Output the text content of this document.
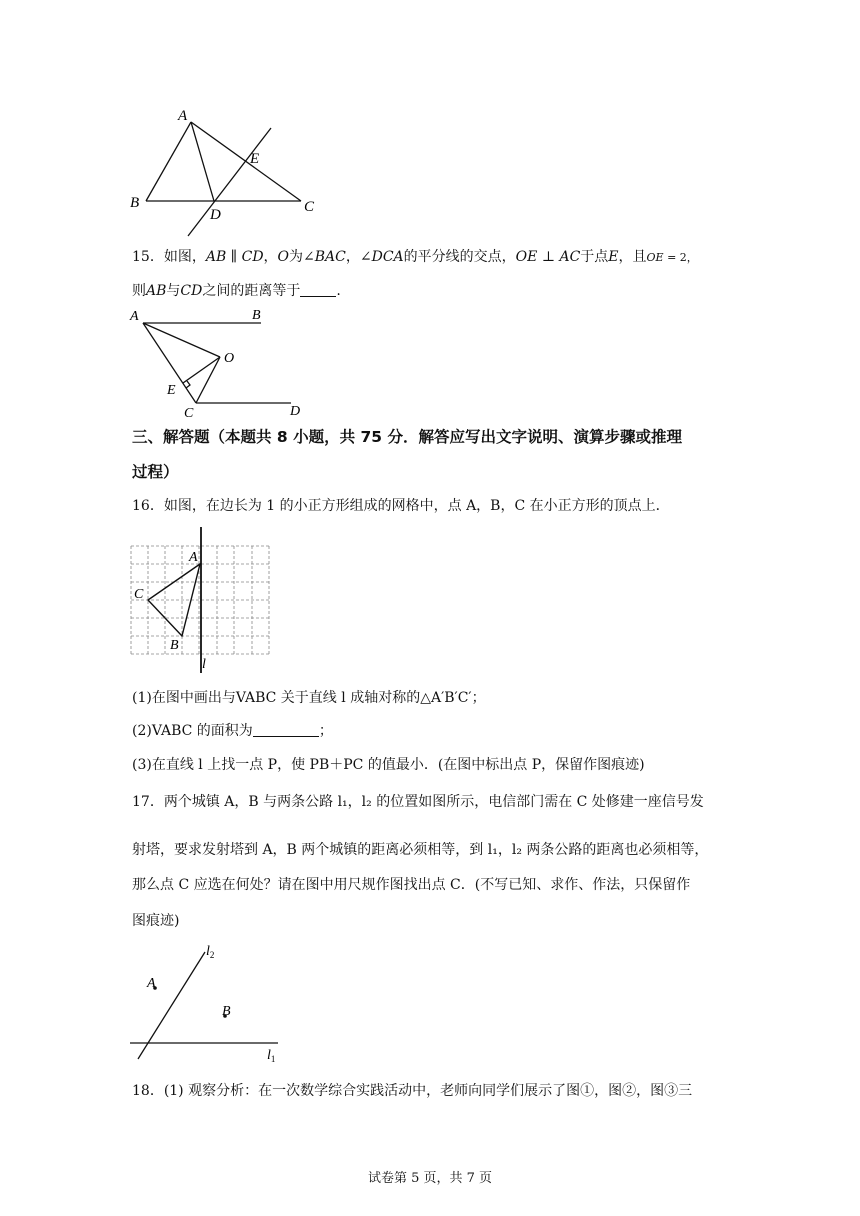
A
B	C
D
E
15．如图，AB ∥ CD，O为∠BAC，∠DCA的平分线的交点，OE ⊥ AC于点E，且OE = 2，
则AB与CD之间的距离等于	.
A	B
O
E
C	D
三、解答题（本题共 8 小题，共 75 分．解答应写出文字说明、演算步骤或推理
过程）
16．如图，在边长为 1 的小正方形组成的网格中，点 A，B，C 在小正方形的顶点上．
A
C
B
l
(1)在图中画出与VABC 关于直线 l 成轴对称的△A′B′C′；
(2)VABC 的面积为	；
(3)在直线 l 上找一点 P，使 PB＋PC 的值最小．(在图中标出点 P，保留作图痕迹)
17．两个城镇 A，B 与两条公路 l₁，l₂ 的位置如图所示，电信部门需在 C 处修建一座信号发
射塔，要求发射塔到 A，B 两个城镇的距离必须相等，到 l₁，l₂ 两条公路的距离也必须相等，
那么点 C 应选在何处？请在图中用尺规作图找出点 C．(不写已知、求作、作法，只保留作
图痕迹)
$l_2$
A
B
$l_1$
18．(1) 观察分析：在一次数学综合实践活动中，老师向同学们展示了图①，图②，图③三
试卷第 5 页，共 7 页
